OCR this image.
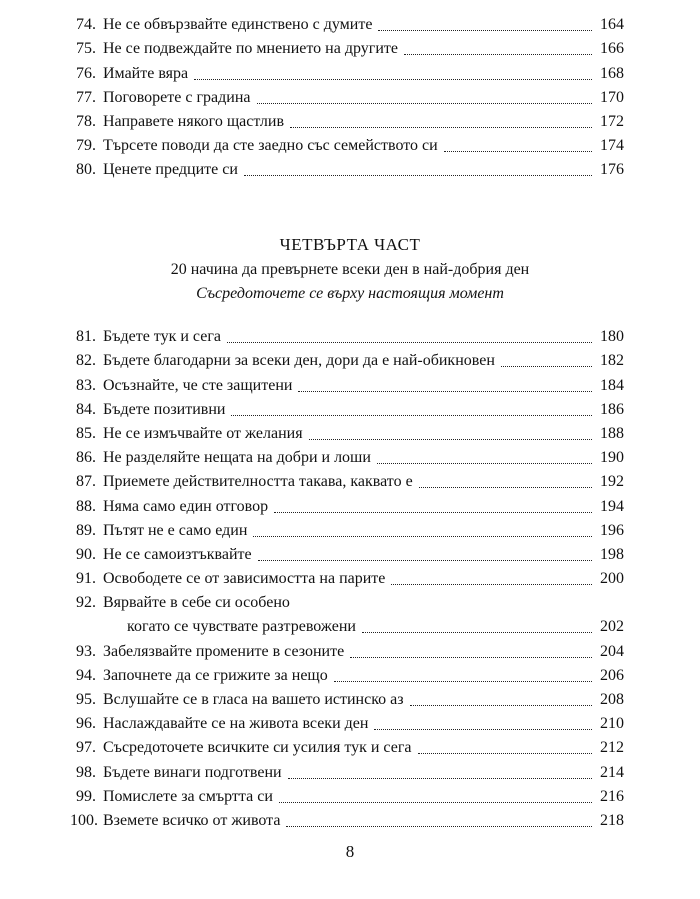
74. Не се обвързвайте единствено с думите	164
75. Не се подвеждайте по мнението на другите	166
76. Имайте вяра	168
77. Поговорете с градина	170
78. Направете някого щастлив	172
79. Търсете поводи да сте заедно със семейството си	174
80. Ценете предците си	176
ЧЕТВЪРТА ЧАСТ
20 начина да превърнете всеки ден в най-добрия ден
Съсредоточете се върху настоящия момент
81. Бъдете тук и сега	180
82. Бъдете благодарни за всеки ден, дори да е най-обикновен	182
83. Осъзнайте, че сте защитени	184
84. Бъдете позитивни	186
85. Не се измъчвайте от желания	188
86. Не разделяйте нещата на добри и лоши	190
87. Приемете действителността такава, каквато е	192
88. Няма само един отговор	194
89. Пътят не е само един	196
90. Не се самоизтъквайте	198
91. Освободете се от зависимостта на парите	200
92. Вярвайте в себе си особено
когато се чувствате разтревожени	202
93. Забелязвайте промените в сезоните	204
94. Започнете да се грижите за нещо	206
95. Вслушайте се в гласа на вашето истинско аз	208
96. Наслаждавайте се на живота всеки ден	210
97. Съсредоточете всичките си усилия тук и сега	212
98. Бъдете винаги подготвени	214
99. Помислете за смъртта си	216
100. Вземете всичко от живота	218
8
